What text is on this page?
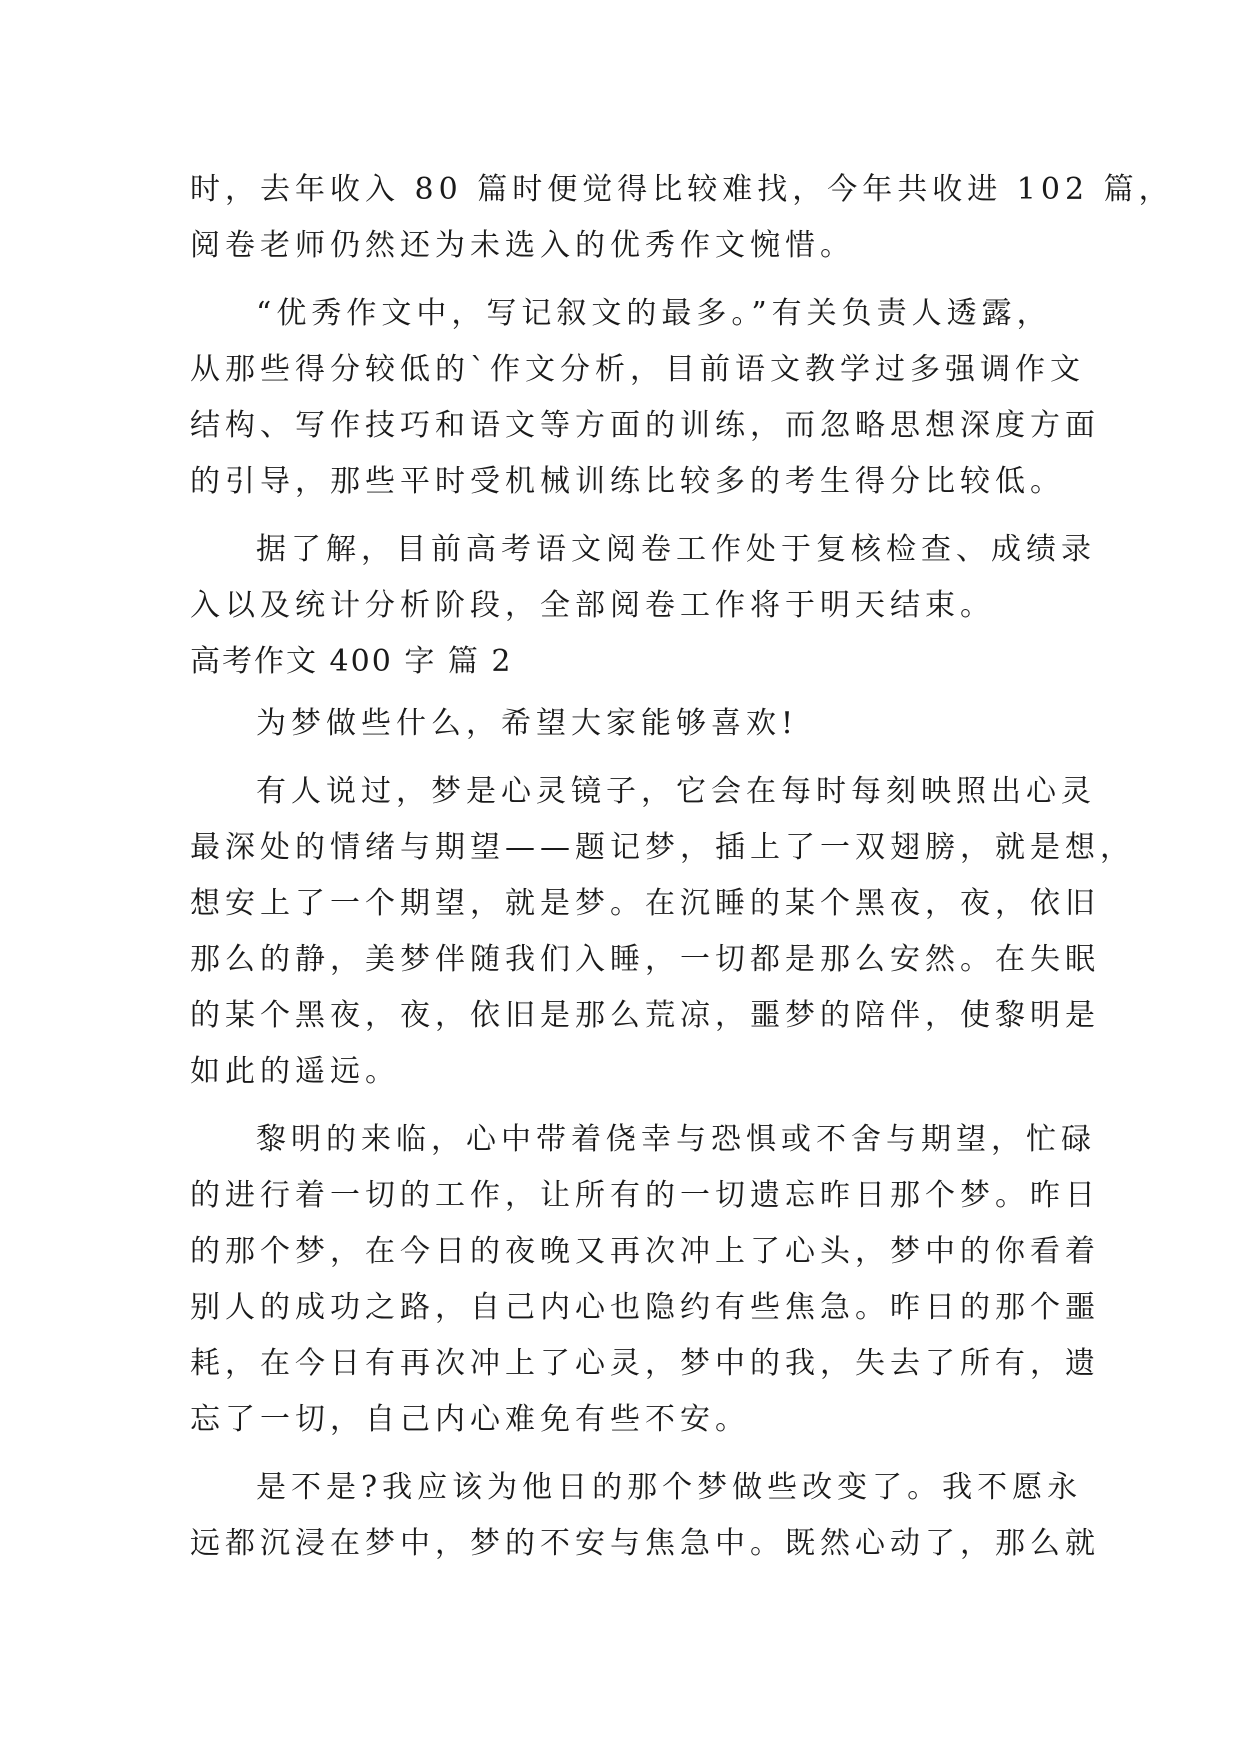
时，去年收入 80 篇时便觉得比较难找，今年共收进 102 篇，
阅卷老师仍然还为未选入的优秀作文惋惜。
“优秀作文中，写记叙文的最多。”有关负责人透露，
从那些得分较低的`作文分析，目前语文教学过多强调作文
结构、写作技巧和语文等方面的训练，而忽略思想深度方面
的引导，那些平时受机械训练比较多的考生得分比较低。
据了解，目前高考语文阅卷工作处于复核检查、成绩录
入以及统计分析阶段，全部阅卷工作将于明天结束。
高考作文 400 字 篇 2
为梦做些什么，希望大家能够喜欢!
有人说过，梦是心灵镜子，它会在每时每刻映照出心灵
最深处的情绪与期望——题记梦，插上了一双翅膀，就是想，
想安上了一个期望，就是梦。在沉睡的某个黑夜，夜，依旧
那么的静，美梦伴随我们入睡，一切都是那么安然。在失眠
的某个黑夜，夜，依旧是那么荒凉，噩梦的陪伴，使黎明是
如此的遥远。
黎明的来临，心中带着侥幸与恐惧或不舍与期望，忙碌
的进行着一切的工作，让所有的一切遗忘昨日那个梦。昨日
的那个梦，在今日的夜晚又再次冲上了心头，梦中的你看着
别人的成功之路，自己内心也隐约有些焦急。昨日的那个噩
耗，在今日有再次冲上了心灵，梦中的我，失去了所有，遗
忘了一切，自己内心难免有些不安。
是不是?我应该为他日的那个梦做些改变了。我不愿永
远都沉浸在梦中，梦的不安与焦急中。既然心动了，那么就
